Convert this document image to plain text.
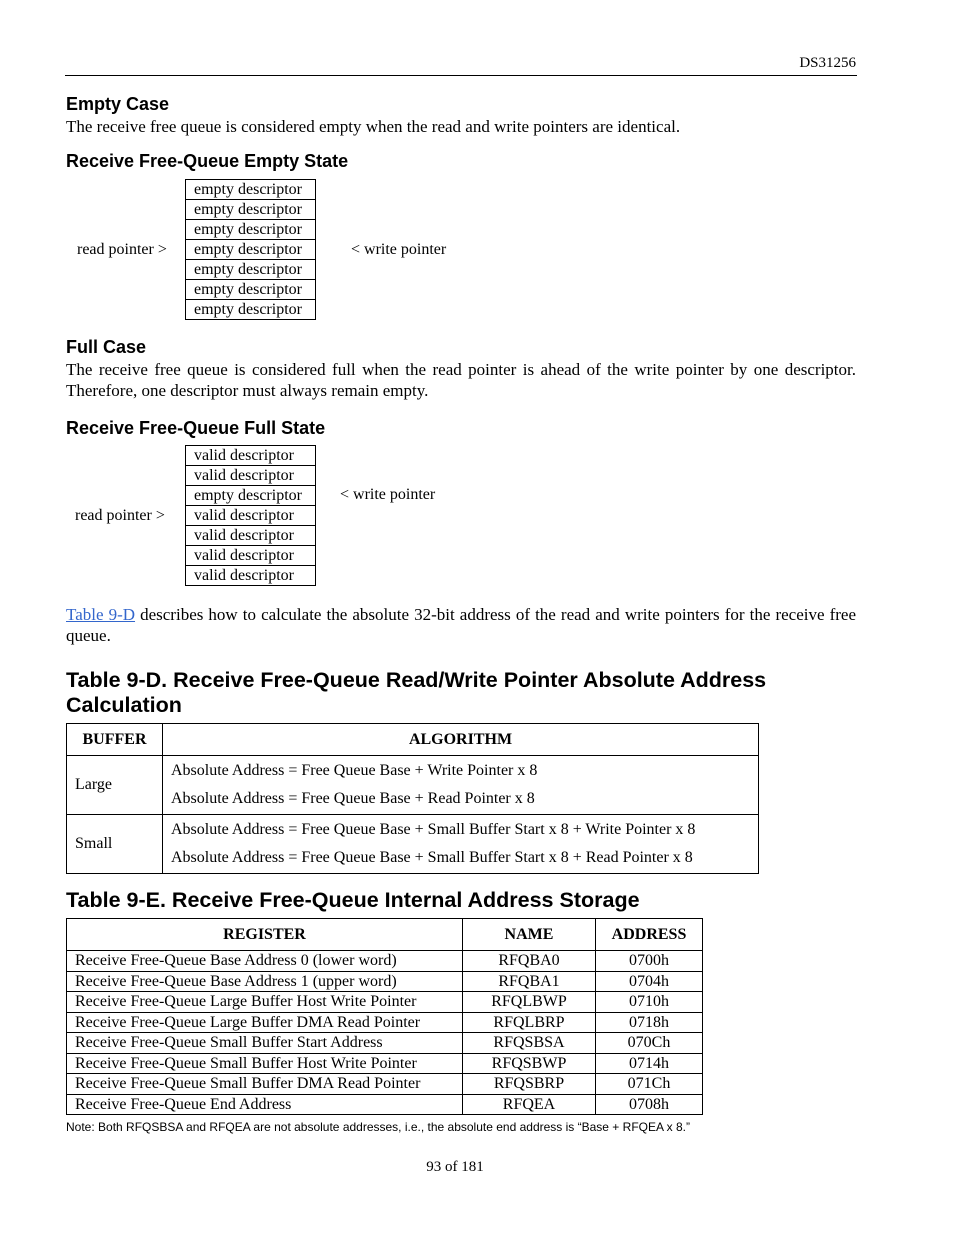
DS31256
Empty Case
The receive free queue is considered empty when the read and write pointers are identical.
Receive Free-Queue Empty State
empty descriptor
empty descriptor
empty descriptor
empty descriptor
empty descriptor
empty descriptor
empty descriptor
read pointer >	< write pointer
Full Case
The receive free queue is considered full when the read pointer is ahead of the write pointer by one descriptor. Therefore, one descriptor must always remain empty.
Receive Free-Queue Full State
valid descriptor
valid descriptor
empty descriptor
valid descriptor
valid descriptor
valid descriptor
valid descriptor
read pointer >
< write pointer
Table 9-D describes how to calculate the absolute 32-bit address of the read and write pointers for the receive free queue.
Table 9-D. Receive Free-Queue Read/Write Pointer Absolute Address Calculation
BUFFER	ALGORITHM
Large	Absolute Address = Free Queue Base + Write Pointer x 8
Absolute Address = Free Queue Base + Read Pointer x 8

Small	Absolute Address = Free Queue Base + Small Buffer Start x 8 + Write Pointer x 8
Absolute Address = Free Queue Base + Small Buffer Start x 8 + Read Pointer x 8
Table 9-E. Receive Free-Queue Internal Address Storage
REGISTER	NAME	ADDRESS
Receive Free-Queue Base Address 0 (lower word)	RFQBA0	0700h
Receive Free-Queue Base Address 1 (upper word)	RFQBA1	0704h
Receive Free-Queue Large Buffer Host Write Pointer	RFQLBWP	0710h
Receive Free-Queue Large Buffer DMA Read Pointer	RFQLBRP	0718h
Receive Free-Queue Small Buffer Start Address	RFQSBSA	070Ch
Receive Free-Queue Small Buffer Host Write Pointer	RFQSBWP	0714h
Receive Free-Queue Small Buffer DMA Read Pointer	RFQSBRP	071Ch
Receive Free-Queue End Address	RFQEA	0708h
Note: Both RFQSBSA and RFQEA are not absolute addresses, i.e., the absolute end address is “Base + RFQEA x 8.”
93 of 181
